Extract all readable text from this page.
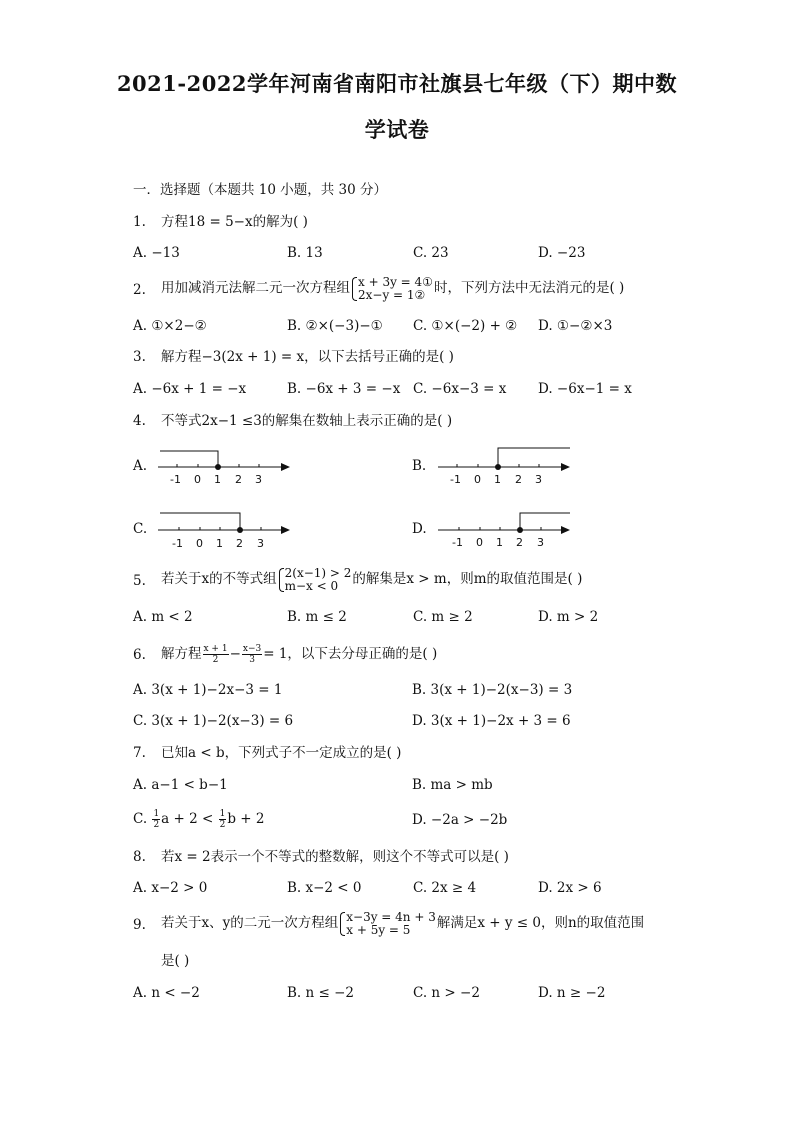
2021-2022学年河南省南阳市社旗县七年级（下）期中数
学试卷
一．选择题（本题共 10 小题，共 30 分）
1. 方程18 = 5−x的解为( )
A. −13	B. 13	C. 23	D. −23
2. 用加减消元法解二元一次方程组 x + 3y = 4①
2x−y = 1② 时，下列方法中无法消元的是( )
A. ①×2−②	B. ②×(−3)−① C. ①×(−2) + ② D. ①−②×3
3. 解方程−3(2x + 1) = x，以下去括号正确的是( )
A. −6x + 1 = −x	B. −6x + 3 = −x C. −6x−3 = x D. −6x−1 = x
4. 不等式2x−1 ≤3的解集在数轴上表示正确的是( )
A.
-1 0 1 2 3
B.
-1 0 1 2 3
C.
-1 0 1 2 3
D.
-1 0 1 2 3
5. 若关于x的不等式组 2(x−1) > 2
m−x < 0	的解集是x > m，则m的取值范围是( )
A. m < 2	B. m ≤ 2	C. m ≥ 2	D. m > 2
6. 解方程 $\frac{x + 1}{2} - \frac{x-3}{3} = 1$，以下去分母正确的是( )
A. 3(x + 1)−2x−3 = 1	B. 3(x + 1)−2(x−3) = 3
C. 3(x + 1)−2(x−3) = 6	D. 3(x + 1)−2x + 3 = 6
7. 已知a < b，下列式子不一定成立的是( )
A. a−1 < b−1	B. ma > mb
C. $\frac{1}{2}$ $a + 2 < \frac{1}{2}$ b + 2	D. −2a > −2b
8. 若x = 2表示一个不等式的整数解，则这个不等式可以是( )
A. x−2 > 0	B. x−2 < 0	C. 2x ≥ 4	D. 2x > 6
9. 若关于x、y的二元一次方程组 x−3y = 4n + 3
x + 5y = 5	解满足x + y ≤ 0，则n的取值范围
是( )
A. n < −2	B. n ≤ −2	C. n > −2	D. n ≥ −2
